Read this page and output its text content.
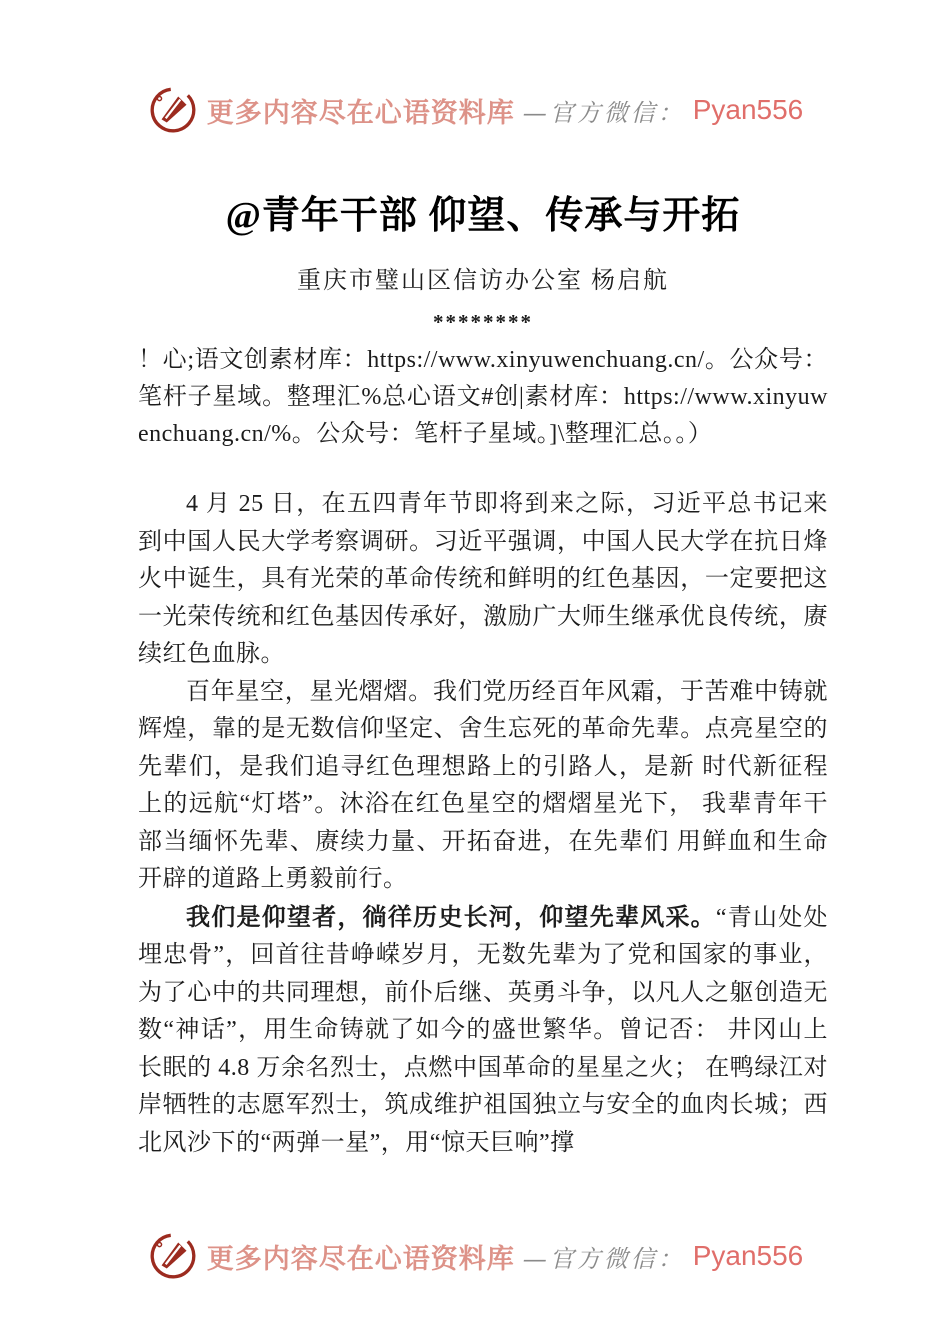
更多内容尽在心语资料库 —官方微信： Pyan556
@青年干部 仰望、传承与开拓
重庆市璧山区信访办公室 杨启航
********

！心;语文创素材库：https://www.xinyuwenchuang.cn/。公众号：笔杆子星域。整理汇%总心语文#创|素材库：https://www.xinyuwenchuang.cn/%。公众号：笔杆子星域。]\整理汇总。。）

4 月 25 日，在五四青年节即将到来之际，习近平总书记来到中国人民大学考察调研。习近平强调，中国人民大学在抗日烽火中诞生，具有光荣的革命传统和鲜明的红色基因，一定要把这一光荣传统和红色基因传承好，激励广大师生继承优良传统，赓续红色血脉。

百年星空，星光熠熠。我们党历经百年风霜，于苦难中铸就辉煌，靠的是无数信仰坚定、舍生忘死的革命先辈。点亮星空的先辈们，是我们追寻红色理想路上的引路人，是新 时代新征程上的远航“灯塔”。沐浴在红色星空的熠熠星光下， 我辈青年干部当缅怀先辈、赓续力量、开拓奋进，在先辈们 用鲜血和生命开辟的道路上勇毅前行。

我们是仰望者，徜徉历史长河，仰望先辈风采。“青山处处埋忠骨”，回首往昔峥嵘岁月，无数先辈为了党和国家的事业，为了心中的共同理想，前仆后继、英勇斗争，以凡人之躯创造无数“神话”，用生命铸就了如今的盛世繁华。曾记否： 井冈山上长眠的 4.8 万余名烈士，点燃中国革命的星星之火； 在鸭绿江对岸牺牲的志愿军烈士，筑成维护祖国独立与安全的血肉长城；西北风沙下的“两弹一星”，用“惊天巨响”撑

更多内容尽在心语资料库 —官方微信： Pyan556
